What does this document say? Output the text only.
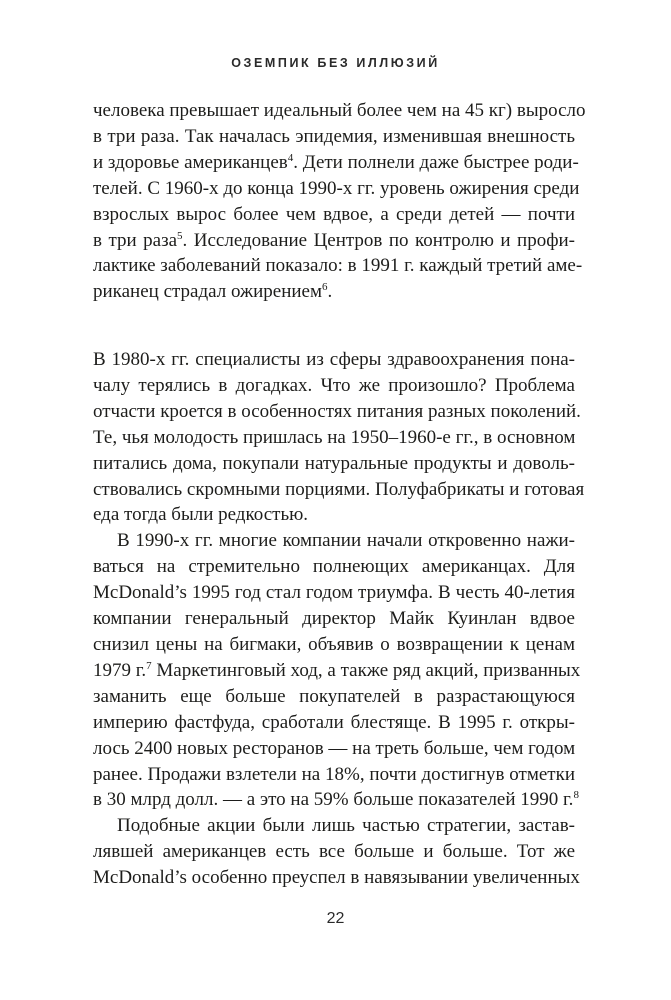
ОЗЕМПИК БЕЗ ИЛЛЮЗИЙ

человека превышает идеальный более чем на 45 кг) выросло
в три раза. Так началась эпидемия, изменившая внешность
и здоровье американцев$^4$. Дети полнели даже быстрее роди-
телей. С 1960-х до конца 1990-х гг. уровень ожирения среди
взрослых вырос более чем вдвое, а среди детей — почти
в три раза$^5$. Исследование Центров по контролю и профи-
лактике заболеваний показало: в 1991 г. каждый третий аме-
риканец страдал ожирением$^6$.

В 1980-х гг. специалисты из сферы здравоохранения пона-
чалу терялись в догадках. Что же произошло? Проблема
отчасти кроется в особенностях питания разных поколений.
Те, чья молодость пришлась на 1950–1960-е гг., в основном
питались дома, покупали натуральные продукты и доволь-
ствовались скромными порциями. Полуфабрикаты и готовая
еда тогда были редкостью.

В 1990-х гг. многие компании начали откровенно нажи-
ваться на стремительно полнеющих американцах. Для
McDonald’s 1995 год стал годом триумфа. В честь 40-летия
компании генеральный директор Майк Куинлан вдвое
снизил цены на бигмаки, объявив о возвращении к ценам
1979 г.$^7$ Маркетинговый ход, а также ряд акций, призванных
заманить еще больше покупателей в разрастающуюся
империю фастфуда, сработали блестяще. В 1995 г. откры-
лось 2400 новых ресторанов — на треть больше, чем годом
ранее. Продажи взлетели на 18%, почти достигнув отметки
в 30 млрд долл. — а это на 59% больше показателей 1990 г.$^8$

Подобные акции были лишь частью стратегии, застав-
лявшей американцев есть все больше и больше. Тот же
McDonald’s особенно преуспел в навязывании увеличенных

22
